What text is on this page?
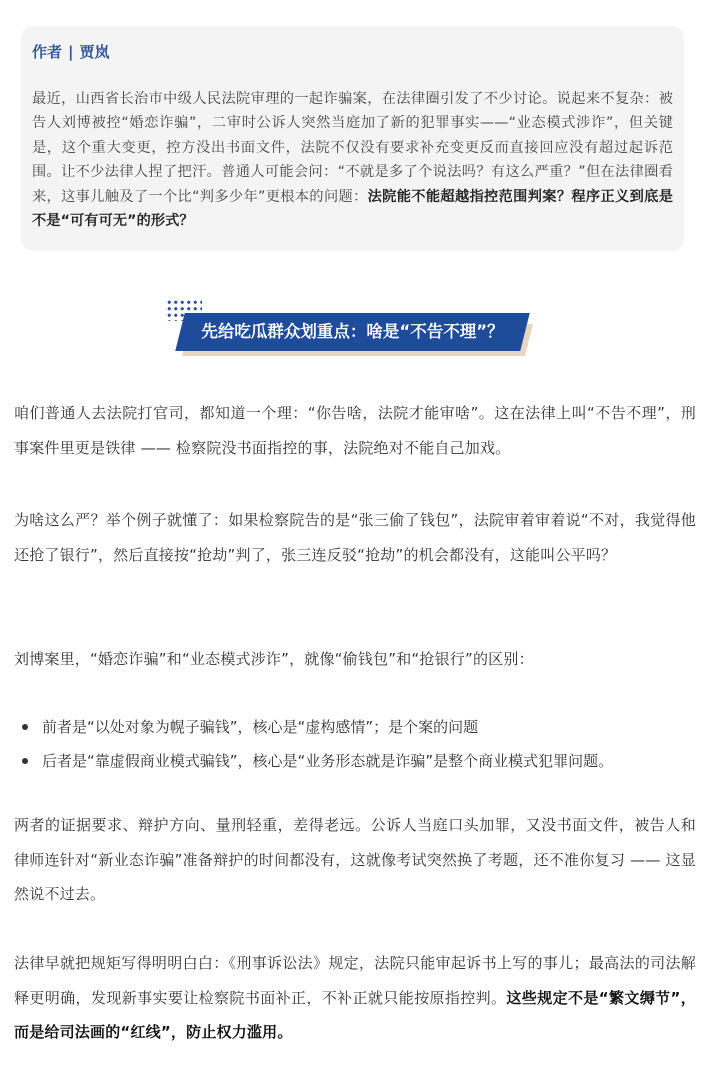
作者 | 贾岚
最近，山西省长治市中级人民法院审理的一起诈骗案，在法律圈引发了不少讨论。说起来不复杂：被告人刘博被控“婚恋诈骗”，二审时公诉人突然当庭加了新的犯罪事实——“业态模式涉诈”，但关键是，这个重大变更，控方没出书面文件，法院不仅没有要求补充变更反而直接回应没有超过起诉范围。让不少法律人捏了把汗。普通人可能会问：“不就是多了个说法吗？有这么严重？”但在法律圈看来，这事儿触及了一个比“判多少年”更根本的问题：法院能不能超越指控范围判案？程序正义到底是不是“可有可无”的形式？
先给吃瓜群众划重点：啥是“不告不理”？
咱们普通人去法院打官司，都知道一个理：“你告啥，法院才能审啥”。这在法律上叫“不告不理”，刑事案件里更是铁律 —— 检察院没书面指控的事，法院绝对不能自己加戏。
为啥这么严？举个例子就懂了：如果检察院告的是“张三偷了钱包”，法院审着审着说“不对，我觉得他还抢了银行”，然后直接按“抢劫”判了，张三连反驳“抢劫”的机会都没有，这能叫公平吗？
刘博案里，“婚恋诈骗”和“业态模式涉诈”，就像“偷钱包”和“抢银行”的区别：
前者是“以处对象为幌子骗钱”，核心是“虚构感情”；是个案的问题
后者是“靠虚假商业模式骗钱”，核心是“业务形态就是诈骗”是整个商业模式犯罪问题。
两者的证据要求、辩护方向、量刑轻重，差得老远。公诉人当庭口头加罪，又没书面文件，被告人和律师连针对“新业态诈骗”准备辩护的时间都没有，这就像考试突然换了考题，还不准你复习 —— 这显然说不过去。
法律早就把规矩写得明明白白：《刑事诉讼法》规定，法院只能审起诉书上写的事儿；最高法的司法解释更明确，发现新事实要让检察院书面补正，不补正就只能按原指控判。这些规定不是“繁文缛节”，而是给司法画的“红线”，防止权力滥用。
